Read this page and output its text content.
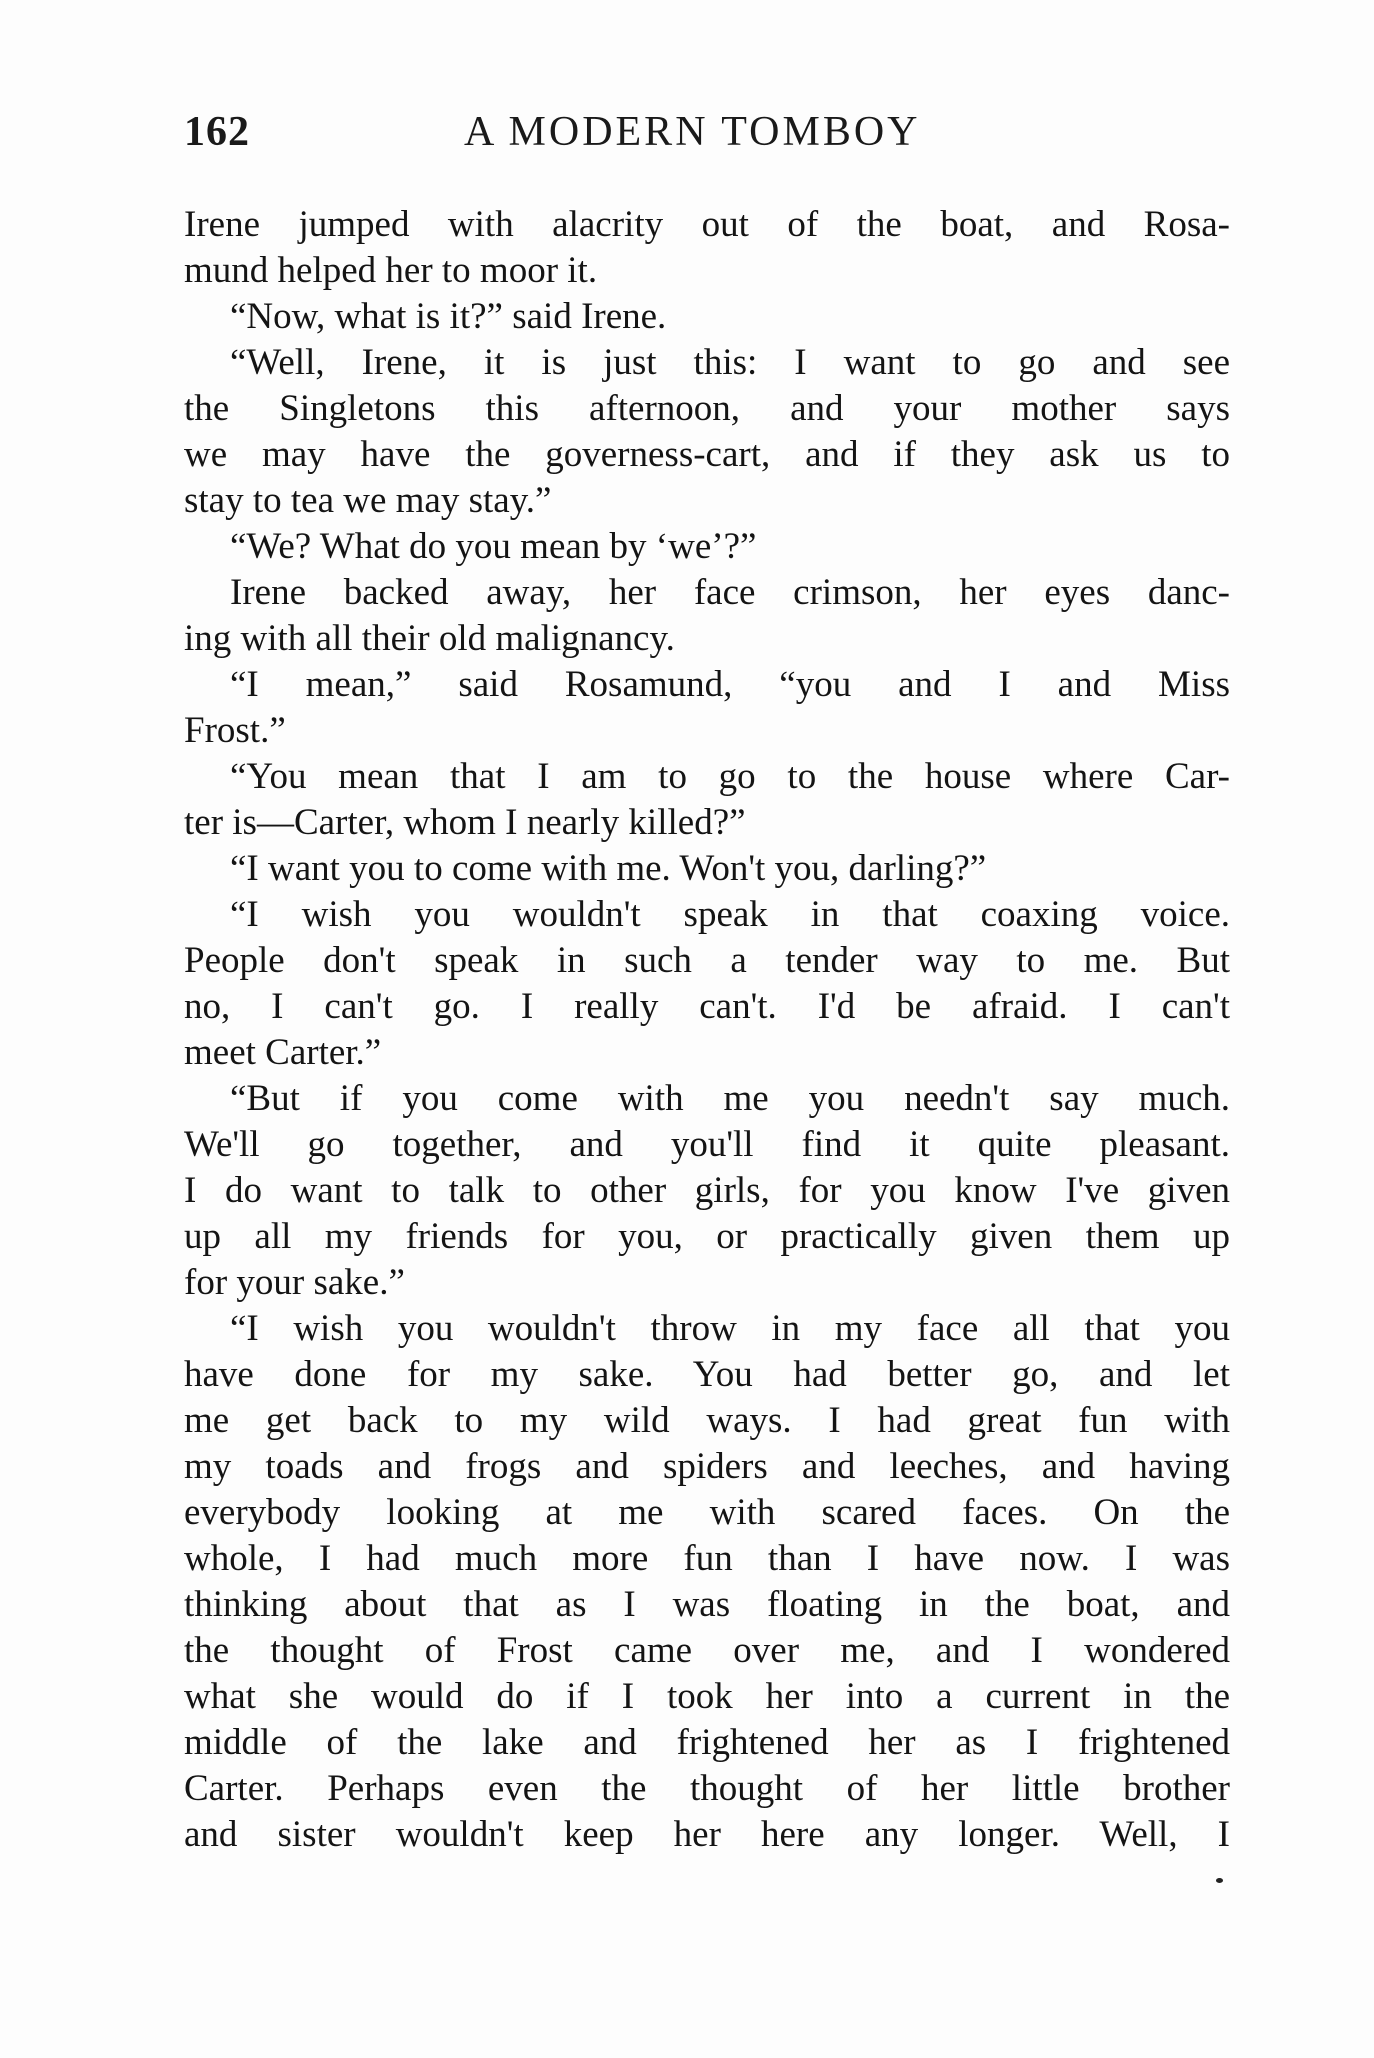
162	A MODERN TOMBOY
Irene jumped with alacrity out of the boat, and Rosa-
mund helped her to moor it.
“Now, what is it?” said Irene.
“Well, Irene, it is just this: I want to go and see
the Singletons this afternoon, and your mother says
we may have the governess-cart, and if they ask us to
stay to tea we may stay.”
“We? What do you mean by ‘we’?”
Irene backed away, her face crimson, her eyes danc-
ing with all their old malignancy.
“I mean,” said Rosamund, “you and I and Miss
Frost.”
“You mean that I am to go to the house where Car-
ter is—Carter, whom I nearly killed?”
“I want you to come with me. Won't you, darling?”
“I wish you wouldn't speak in that coaxing voice.
People don't speak in such a tender way to me. But
no, I can't go. I really can't. I'd be afraid. I can't
meet Carter.”
“But if you come with me you needn't say much.
We'll go together, and you'll find it quite pleasant.
I do want to talk to other girls, for you know I've given
up all my friends for you, or practically given them up
for your sake.”
“I wish you wouldn't throw in my face all that you
have done for my sake. You had better go, and let
me get back to my wild ways. I had great fun with
my toads and frogs and spiders and leeches, and having
everybody looking at me with scared faces. On the
whole, I had much more fun than I have now. I was
thinking about that as I was floating in the boat, and
the thought of Frost came over me, and I wondered
what she would do if I took her into a current in the
middle of the lake and frightened her as I frightened
Carter. Perhaps even the thought of her little brother
and sister wouldn't keep her here any longer. Well, I
